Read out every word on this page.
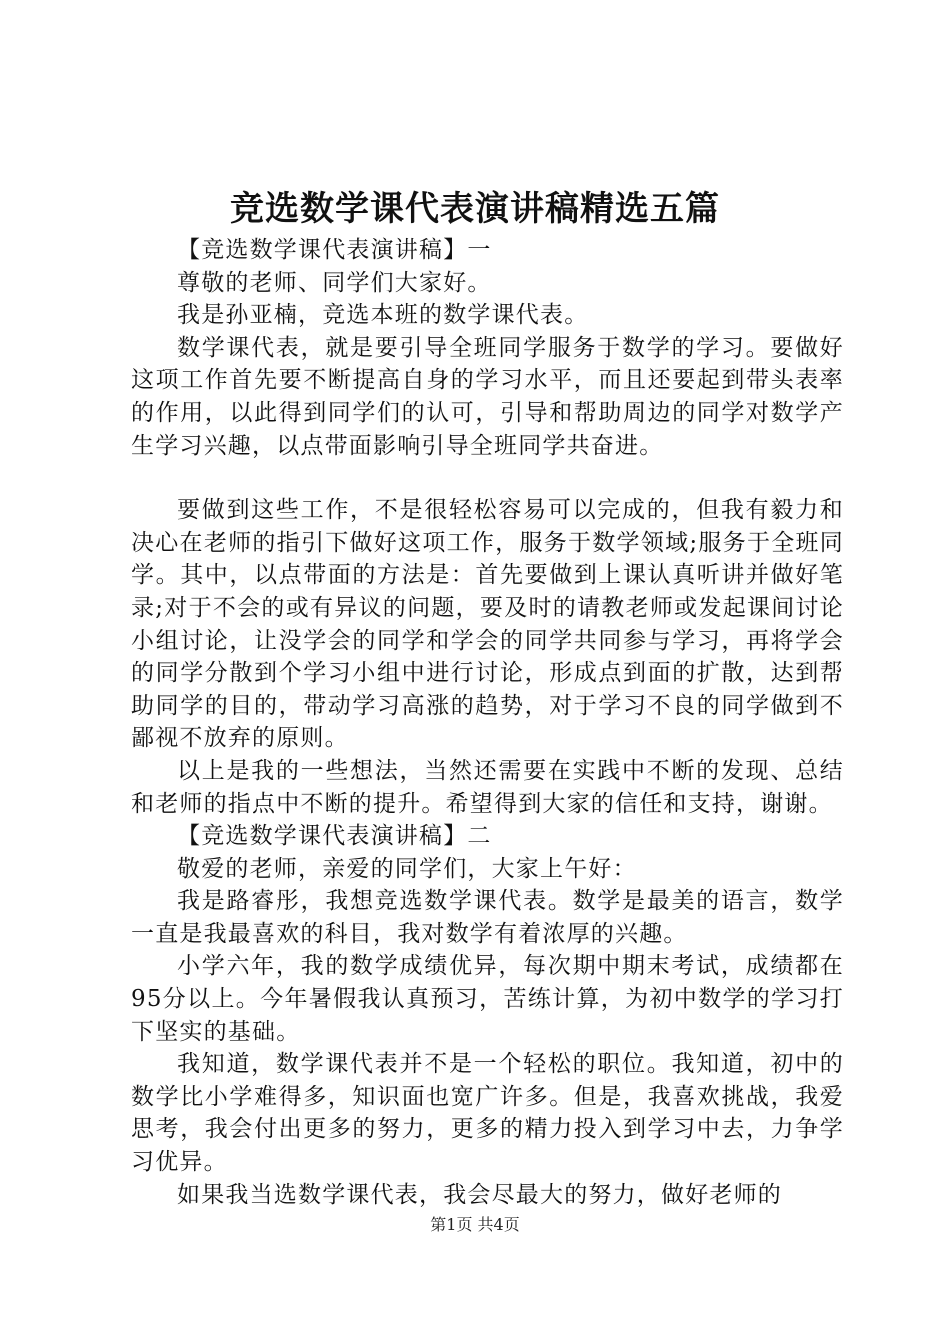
竞选数学课代表演讲稿精选五篇

【竞选数学课代表演讲稿】一

尊敬的老师、同学们大家好。

我是孙亚楠，竞选本班的数学课代表。

数学课代表，就是要引导全班同学服务于数学的学习。要做好这项工作首先要不断提高自身的学习水平，而且还要起到带头表率的作用，以此得到同学们的认可，引导和帮助周边的同学对数学产生学习兴趣，以点带面影响引导全班同学共奋进。

要做到这些工作，不是很轻松容易可以完成的，但我有毅力和决心在老师的指引下做好这项工作，服务于数学领域;服务于全班同学。其中，以点带面的方法是：首先要做到上课认真听讲并做好笔录;对于不会的或有异议的问题，要及时的请教老师或发起课间讨论小组讨论，让没学会的同学和学会的同学共同参与学习，再将学会的同学分散到个学习小组中进行讨论，形成点到面的扩散，达到帮助同学的目的，带动学习高涨的趋势，对于学习不良的同学做到不鄙视不放弃的原则。

以上是我的一些想法，当然还需要在实践中不断的发现、总结和老师的指点中不断的提升。希望得到大家的信任和支持，谢谢。

【竞选数学课代表演讲稿】二

敬爱的老师，亲爱的同学们，大家上午好：

我是路睿彤，我想竞选数学课代表。数学是最美的语言，数学一直是我最喜欢的科目，我对数学有着浓厚的兴趣。

小学六年，我的数学成绩优异，每次期中期末考试，成绩都在95分以上。今年暑假我认真预习，苦练计算，为初中数学的学习打下坚实的基础。

我知道，数学课代表并不是一个轻松的职位。我知道，初中的数学比小学难得多，知识面也宽广许多。但是，我喜欢挑战，我爱思考，我会付出更多的努力，更多的精力投入到学习中去，力争学习优异。

如果我当选数学课代表，我会尽最大的努力，做好老师的

第1页 共4页
